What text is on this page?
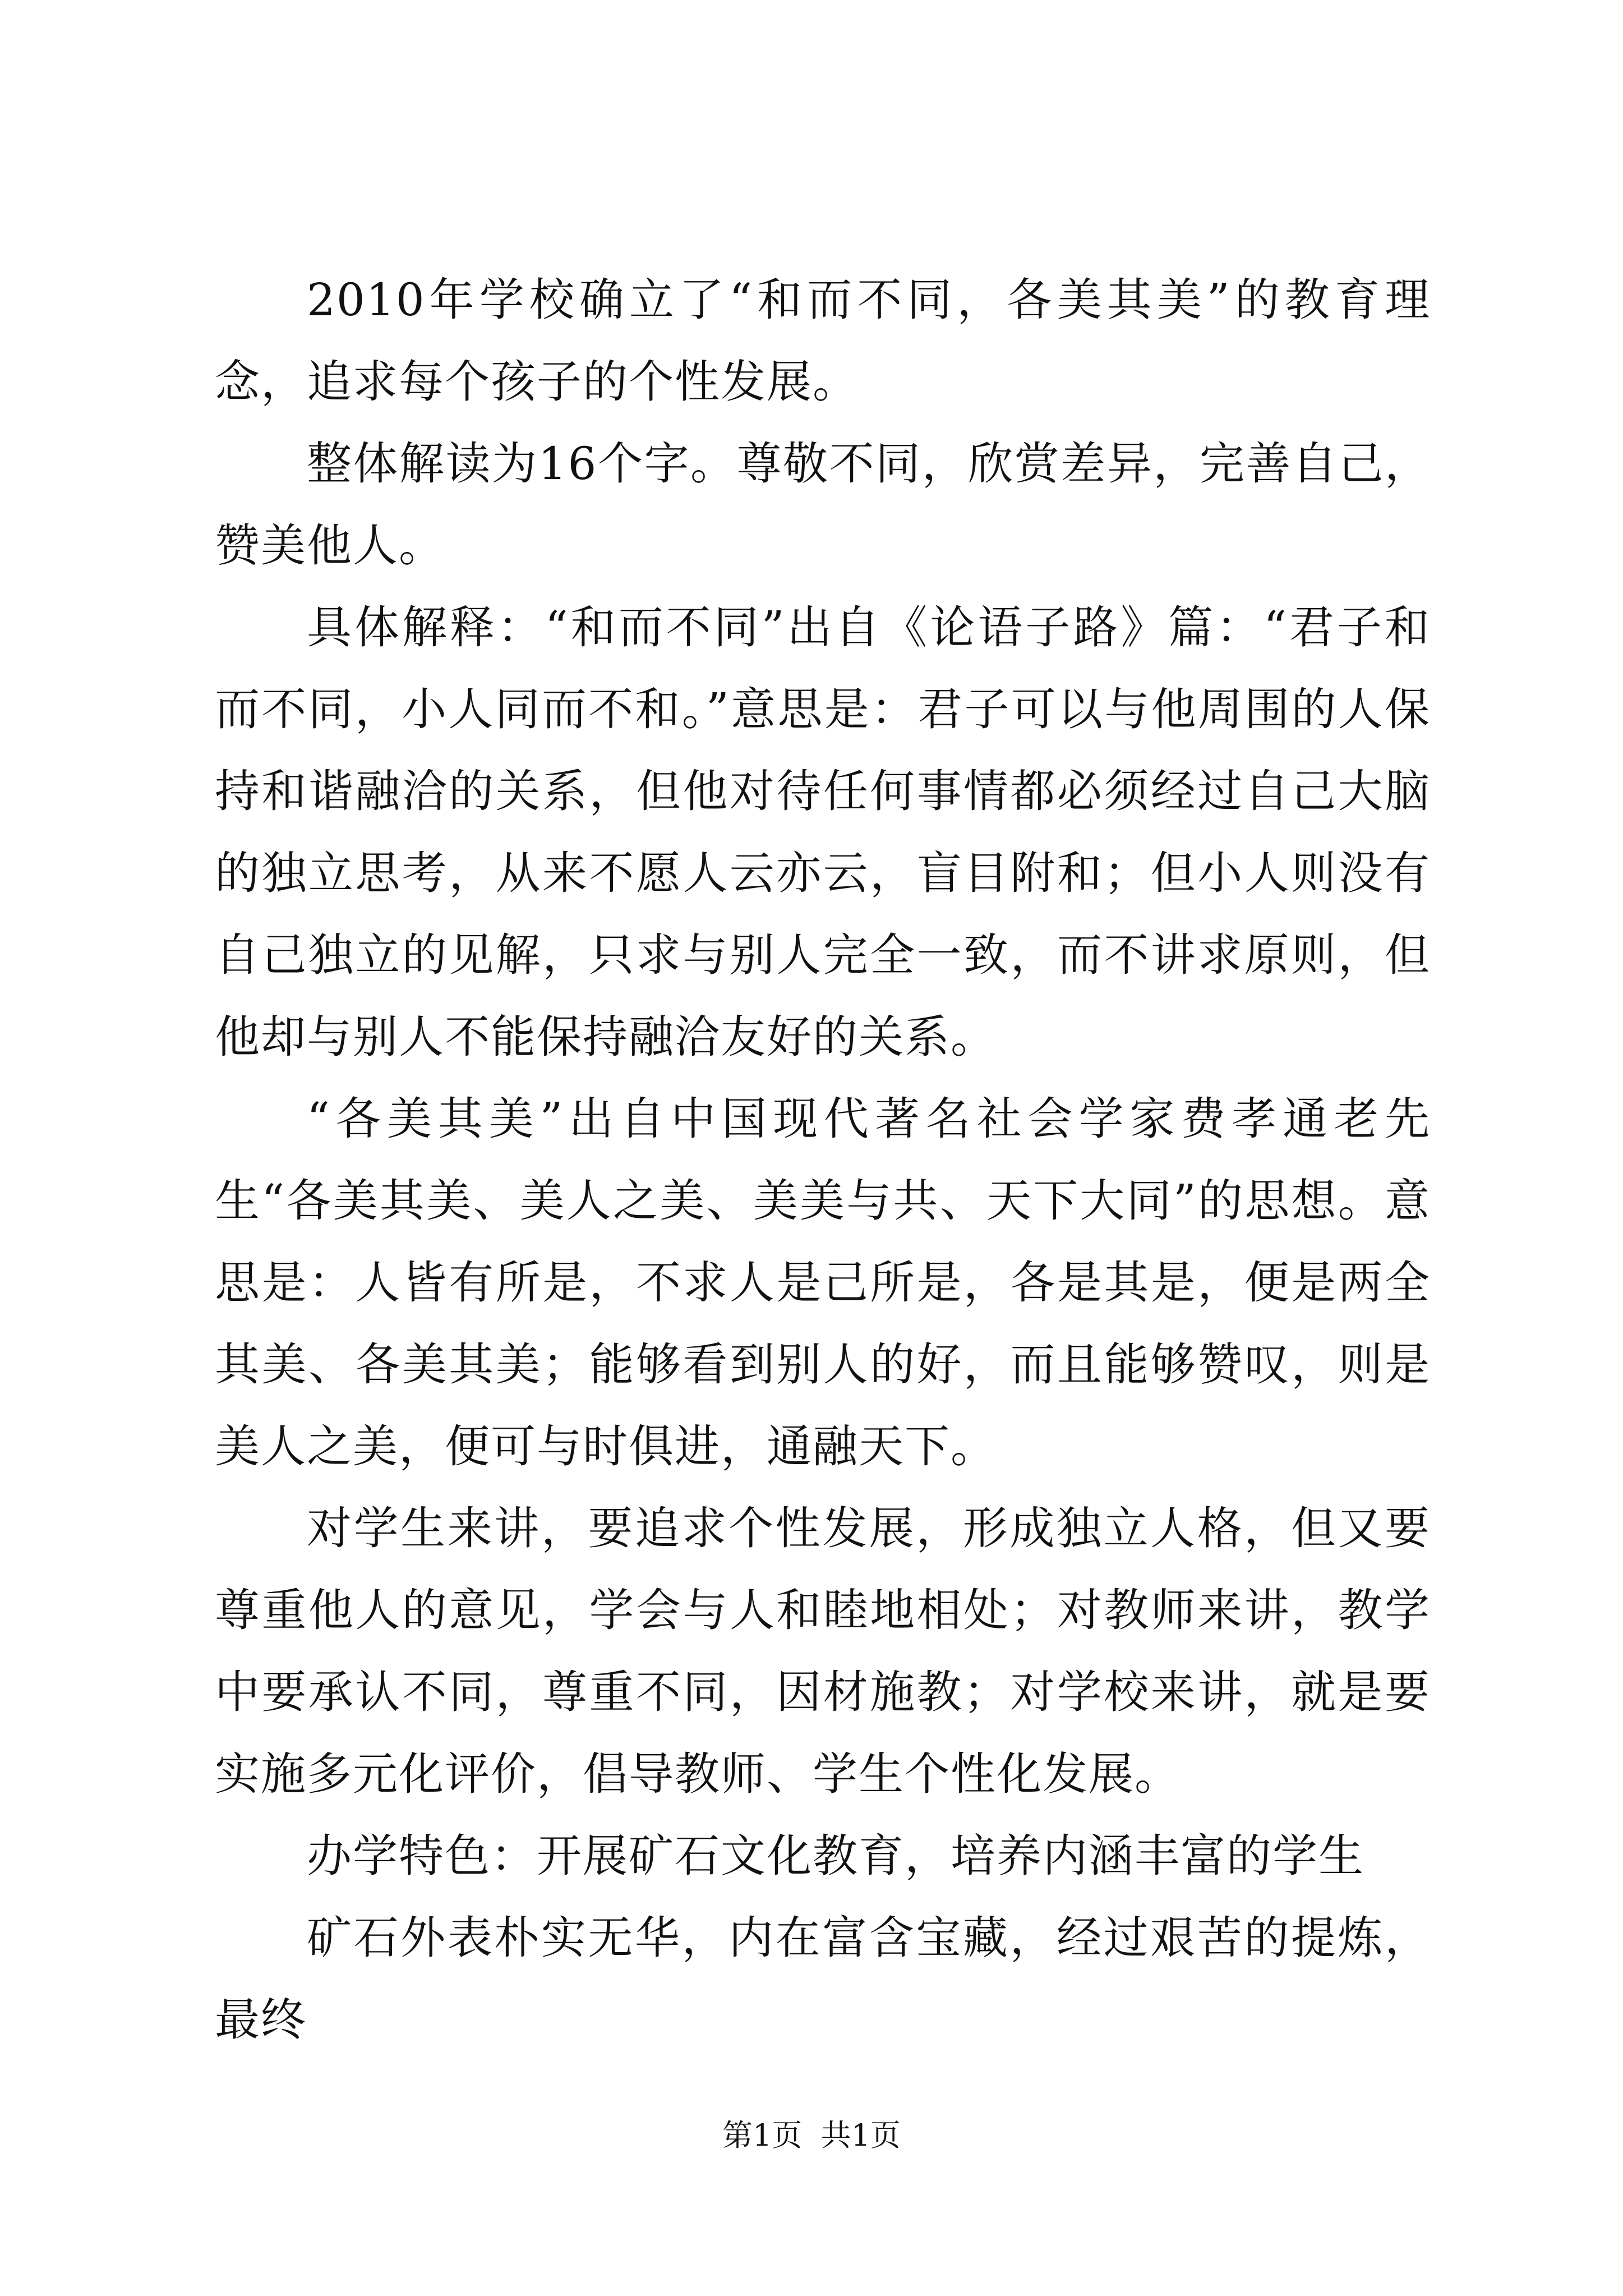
2010年学校确立了“和而不同，各美其美”的教育理念，追求每个孩子的个性发展。

整体解读为16个字。尊敬不同，欣赏差异，完善自己，赞美他人。

具体解释：“和而不同”出自《论语子路》篇：“君子和而不同，小人同而不和。”意思是：君子可以与他周围的人保持和谐融洽的关系，但他对待任何事情都必须经过自己大脑的独立思考，从来不愿人云亦云，盲目附和；但小人则没有自己独立的见解，只求与别人完全一致，而不讲求原则，但他却与别人不能保持融洽友好的关系。

“各美其美”出自中国现代著名社会学家费孝通老先生“各美其美、美人之美、美美与共、天下大同”的思想。意思是：人皆有所是，不求人是己所是，各是其是，便是两全其美、各美其美；能够看到别人的好，而且能够赞叹，则是美人之美，便可与时俱进，通融天下。

对学生来讲，要追求个性发展，形成独立人格，但又要尊重他人的意见，学会与人和睦地相处；对教师来讲，教学中要承认不同，尊重不同，因材施教；对学校来讲，就是要实施多元化评价，倡导教师、学生个性化发展。

办学特色：开展矿石文化教育，培养内涵丰富的学生

矿石外表朴实无华，内在富含宝藏，经过艰苦的提炼，最终

第1页 共1页
